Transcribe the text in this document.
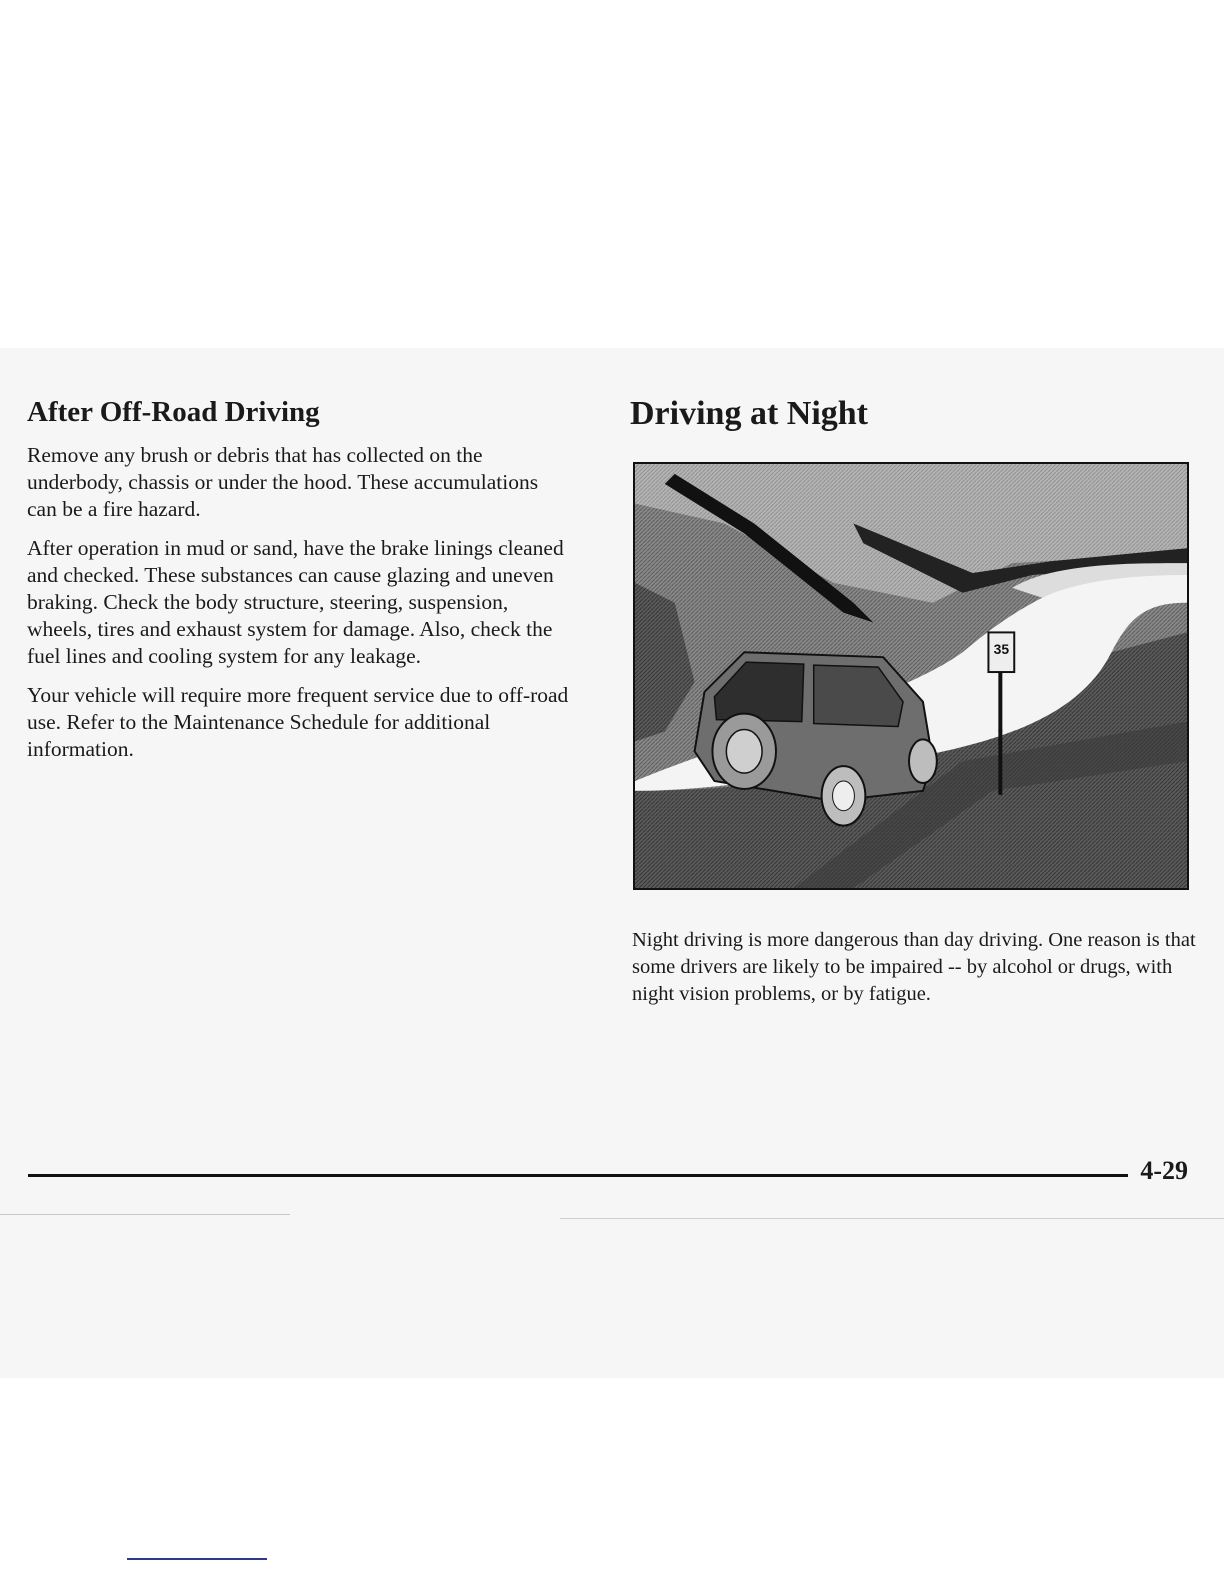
After Off-Road Driving

Remove any brush or debris that has collected on the underbody, chassis or under the hood. These accumulations can be a fire hazard.

After operation in mud or sand, have the brake linings cleaned and checked. These substances can cause glazing and uneven braking. Check the body structure, steering, suspension, wheels, tires and exhaust system for damage. Also, check the fuel lines and cooling system for any leakage.

Your vehicle will require more frequent service due to off-road use. Refer to the Maintenance Schedule for additional information.

Driving at Night
35

Night driving is more dangerous than day driving. One reason is that some drivers are likely to be impaired -- by alcohol or drugs, with night vision problems, or by fatigue.

4-29
